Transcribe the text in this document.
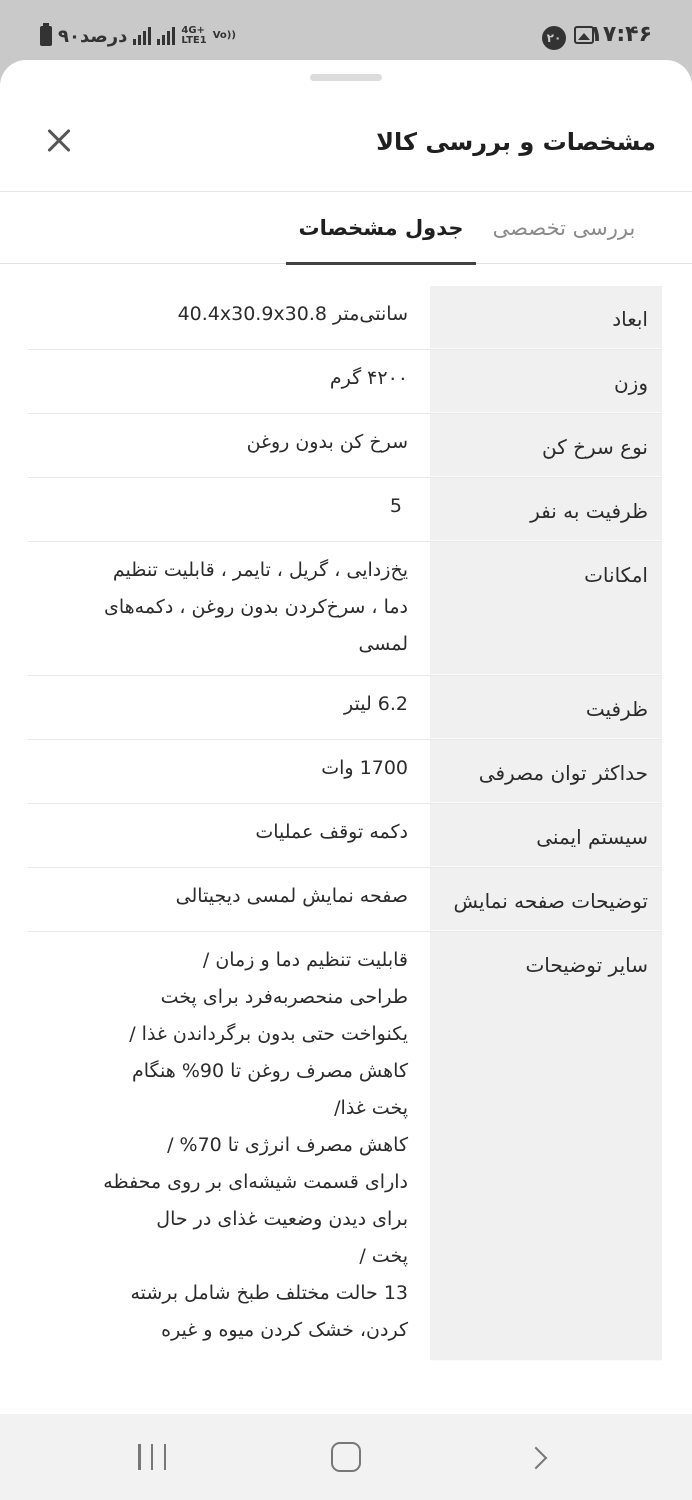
۹۰درصد	4G+
LTE1 Vo))	۲۰ ۱۷:۴۶
مشخصات و بررسی کالا
بررسی تخصصی
جدول مشخصات
ابعاد
سانتی‌متر 40.4x30.9x30.8
وزن
۴۲۰۰ گرم
نوع سرخ کن
سرخ کن بدون روغن
ظرفیت به نفر
5
امکانات
یخ‌زدایی ، گریل ، تایمر ، قابلیت تنظیم
دما ، سرخ‌کردن بدون روغن ، دکمه‌های
لمسی
ظرفیت
6.2 لیتر
حداکثر توان مصرفی
1700 وات
سیستم ایمنی
دکمه توقف عملیات
توضیحات صفحه نمایش
صفحه نمایش لمسی دیجیتالی
سایر توضیحات
قابلیت تنظیم دما و زمان /
طراحی منحصربه‌فرد برای پخت
یکنواخت حتی بدون برگرداندن غذا /
کاهش مصرف روغن تا 90% هنگام
پخت غذا/
کاهش مصرف انرژی تا 70% /
دارای قسمت شیشه‌ای بر روی محفظه
برای دیدن وضعیت غذای در حال
پخت /
13 حالت مختلف طبخ شامل برشته
کردن، خشک کردن میوه و غیره
